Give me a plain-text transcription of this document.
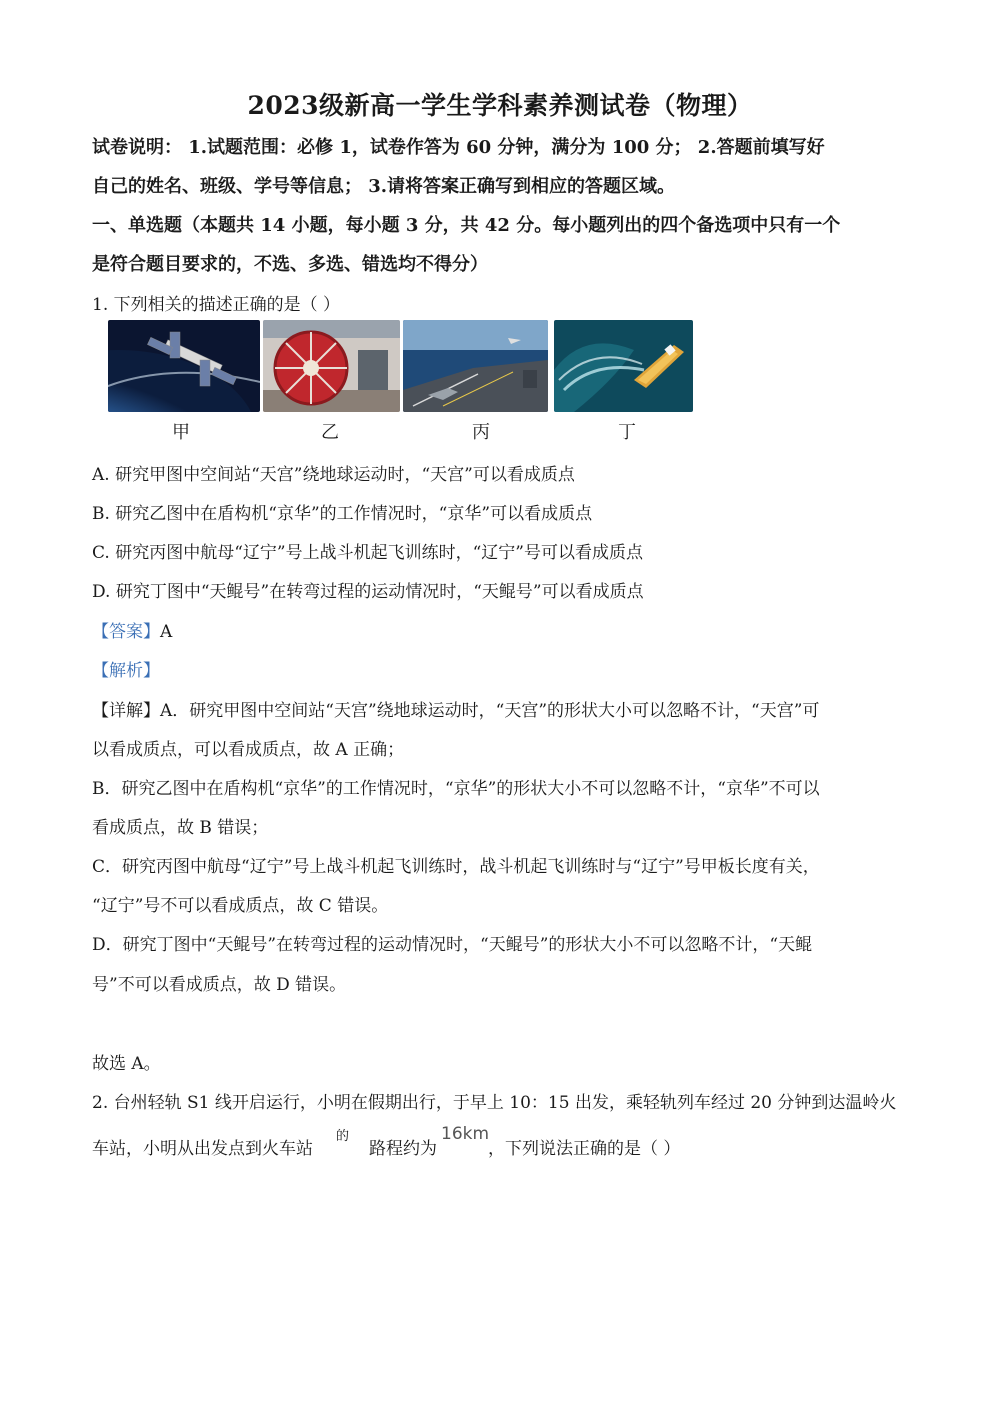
2023级新高一学生学科素养测试卷（物理）
试卷说明： 1.试题范围：必修 1，试卷作答为 60 分钟，满分为 100 分； 2.答题前填写好
自己的姓名、班级、学号等信息； 3.请将答案正确写到相应的答题区域。
一、单选题（本题共 14 小题，每小题 3 分，共 42 分。每小题列出的四个备选项中只有一个
是符合题目要求的，不选、多选、错选均不得分）
1. 下列相关的描述正确的是（ ）
甲	乙	丙	丁
A. 研究甲图中空间站“天宫”绕地球运动时，“天宫”可以看成质点
B. 研究乙图中在盾构机“京华”的工作情况时，“京华”可以看成质点
C. 研究丙图中航母“辽宁”号上战斗机起飞训练时，“辽宁”号可以看成质点
D. 研究丁图中“天鲲号”在转弯过程的运动情况时，“天鲲号”可以看成质点
【答案】A
【解析】
【详解】A．研究甲图中空间站“天宫”绕地球运动时，“天宫”的形状大小可以忽略不计，“天宫”可
以看成质点，可以看成质点，故 A 正确；
B．研究乙图中在盾构机“京华”的工作情况时，“京华”的形状大小不可以忽略不计，“京华”不可以
看成质点，故 B 错误；
C．研究丙图中航母“辽宁”号上战斗机起飞训练时，战斗机起飞训练时与“辽宁”号甲板长度有关，
“辽宁”号不可以看成质点，故 C 错误。
D．研究丁图中“天鲲号”在转弯过程的运动情况时，“天鲲号”的形状大小不可以忽略不计，“天鲲
号”不可以看成质点，故 D 错误。
故选 A。
2. 台州轻轨 S1 线开启运行，小明在假期出行，于早上 10：15 出发，乘轻轨列车经过 20 分钟到达温岭火
车站，小明从出发点到火车站
的
路程约为
16km
，下列说法正确的是（ ）
